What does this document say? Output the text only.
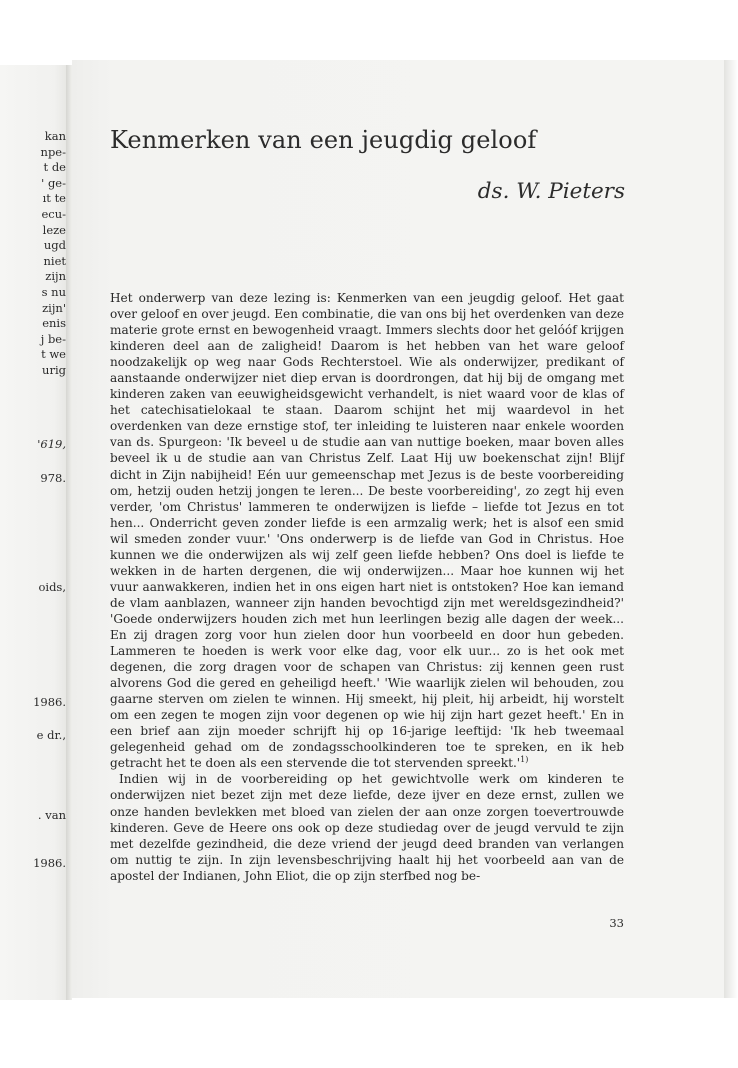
kan
npe-
t de
' ge-
ıt te
ecu-
leze
ugd
niet
zijn
s nu
zijn'
enis
j be-
t we
urig
'619,
978.
oids,
1986.
e dr.,
. van
1986.
Kenmerken van een jeugdig geloof
ds. W. Pieters

Het onderwerp van deze lezing is: Kenmerken van een jeugdig geloof. Het gaat over geloof en over jeugd. Een combinatie, die van ons bij het overdenken van deze materie grote ernst en bewogenheid vraagt. Immers slechts door het gelóóf krijgen kinderen deel aan de zaligheid! Daarom is het hebben van het ware geloof noodzakelijk op weg naar Gods Rechterstoel. Wie als onderwijzer, predikant of aanstaande onderwijzer niet diep ervan is doordrongen, dat hij bij de omgang met kinderen zaken van eeuwigheidsgewicht verhandelt, is niet waard voor de klas of het catechisatielokaal te staan. Daarom schijnt het mij waardevol in het overdenken van deze ernstige stof, ter inleiding te luisteren naar enkele woorden van ds. Spurgeon: 'Ik beveel u de studie aan van nuttige boeken, maar boven alles beveel ik u de studie aan van Christus Zelf. Laat Hij uw boekenschat zijn! Blijf dicht in Zijn nabijheid! Eén uur gemeenschap met Jezus is de beste voorbereiding om, hetzij ouden hetzij jongen te leren... De beste voorbereiding', zo zegt hij even verder, 'om Christus' lammeren te onderwijzen is liefde – liefde tot Jezus en tot hen... Onderricht geven zonder liefde is een armzalig werk; het is alsof een smid wil smeden zonder vuur.' 'Ons onderwerp is de liefde van God in Christus. Hoe kunnen we die onderwijzen als wij zelf geen liefde hebben? Ons doel is liefde te wekken in de harten dergenen, die wij onderwijzen... Maar hoe kunnen wij het vuur aanwakkeren, indien het in ons eigen hart niet is ontstoken? Hoe kan iemand de vlam aanblazen, wanneer zijn handen bevochtigd zijn met wereldsgezindheid?' 'Goede onderwijzers houden zich met hun leerlingen bezig alle dagen der week... En zij dragen zorg voor hun zielen door hun voorbeeld en door hun gebeden. Lammeren te hoeden is werk voor elke dag, voor elk uur... zo is het ook met degenen, die zorg dragen voor de schapen van Christus: zij kennen geen rust alvorens God die gered en geheiligd heeft.' 'Wie waarlijk zielen wil behouden, zou gaarne sterven om zielen te winnen. Hij smeekt, hij pleit, hij arbeidt, hij worstelt om een zegen te mogen zijn voor degenen op wie hij zijn hart gezet heeft.' En in een brief aan zijn moeder schrijft hij op 16-jarige leeftijd: 'Ik heb tweemaal gelegenheid gehad om de zondagsschoolkinderen toe te spreken, en ik heb getracht het te doen als een stervende die tot stervenden $spreekt.'^{1)}$

Indien wij in de voorbereiding op het gewichtvolle werk om kinderen te onderwijzen niet bezet zijn met deze liefde, deze ijver en deze ernst, zullen we onze handen bevlekken met bloed van zielen der aan onze zorgen toevertrouwde kinderen. Geve de Heere ons ook op deze studiedag over de jeugd vervuld te zijn met dezelfde gezindheid, die deze vriend der jeugd deed branden van verlangen om nuttig te zijn. In zijn levensbeschrijving haalt hij het voorbeeld aan van de apostel der Indianen, John Eliot, die op zijn sterfbed nog be-

33
